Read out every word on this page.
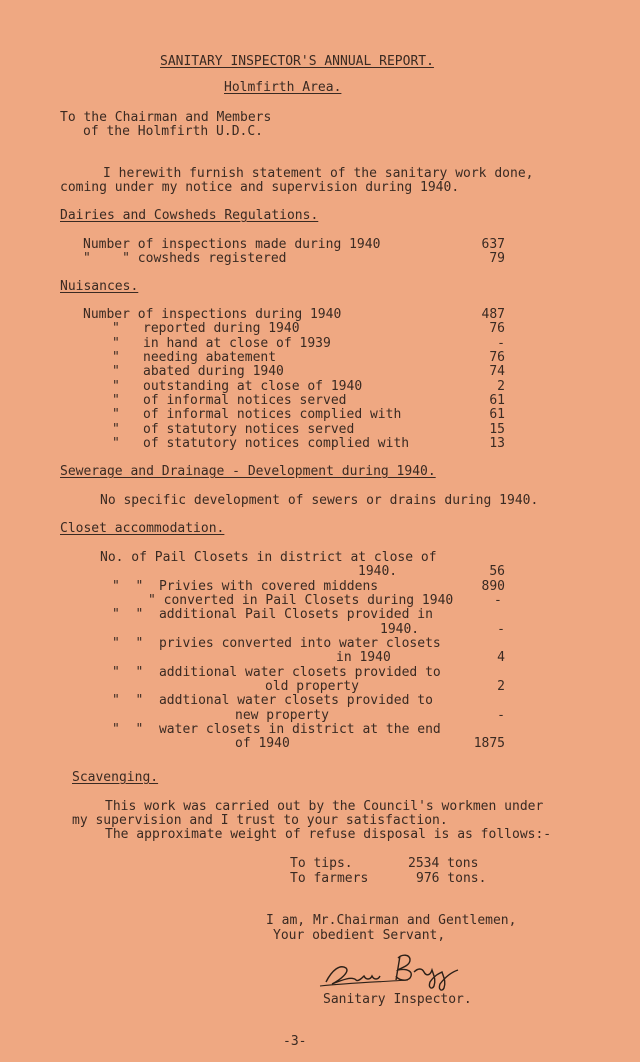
SANITARY INSPECTOR'S ANNUAL REPORT.
Holmfirth Area.
To the Chairman and Members
of the Holmfirth U.D.C.
I herewith furnish statement of the sanitary work done,
coming under my notice and supervision during 1940.
Dairies and Cowsheds Regulations.
Number of inspections made during 1940	637
"    " cowsheds registered	79
Nuisances.
Number of inspections during 1940	487
" reported during 1940	76
" in hand at close of 1939	-
" needing abatement	76
" abated during 1940	74
" outstanding at close of 1940	2
" of informal notices served	61
" of informal notices complied with	61
" of statutory notices served	15
" of statutory notices complied with	13
Sewerage and Drainage - Development during 1940.
No specific development of sewers or drains during 1940.
Closet accommodation.
No. of Pail Closets in district at close of
1940.	56
"  "  Privies with covered middens	890
" converted in Pail Closets during 1940	-
"  "  additional Pail Closets provided in
1940.	-
"  "  privies converted into water closets
in 1940	4
"  "  additional water closets provided to
old property	2
"  "  addtional water closets provided to
new property	-
"  "  water closets in district at the end
of 1940	1875
Scavenging.
This work was carried out by the Council's workmen under
my supervision and I trust to your satisfaction.
The approximate weight of refuse disposal is as follows:-
To tips.	2534 tons
To farmers	976 tons.
I am, Mr.Chairman and Gentlemen,
Your obedient Servant,
Sanitary Inspector.
-3-
